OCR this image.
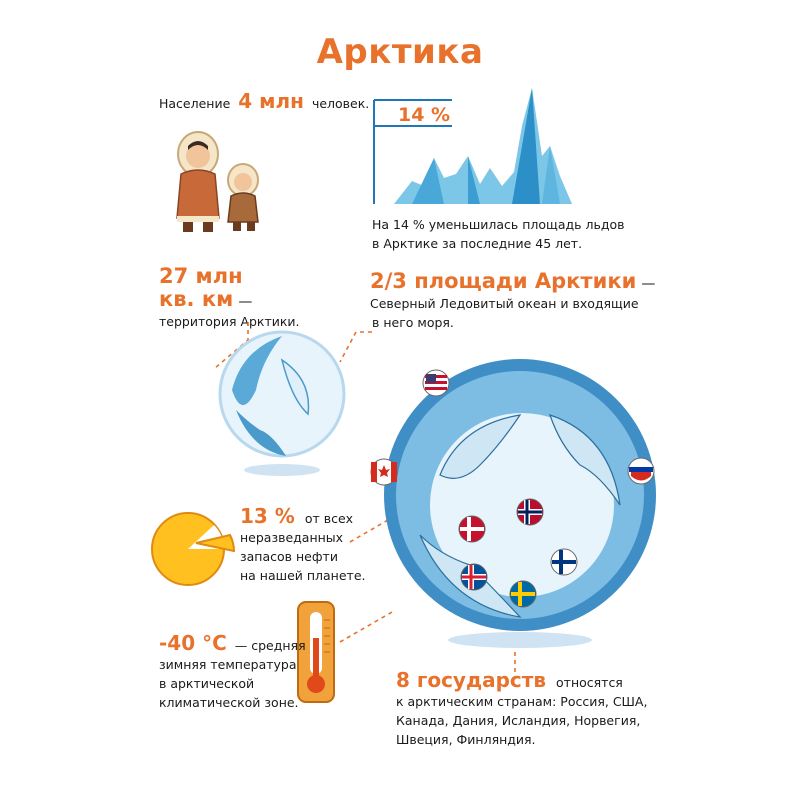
Арктика
Население 4 млн человек.
14 %
На 14 % уменьшилась площадь льдов
в Арктике за последние 45 лет.
27 млн
кв. км —
территория Арктики.
2/3 площади Арктики —
Северный Ледовитый океан и входящие
в него моря.
13 % от всех
неразведанных
запасов нефти
на нашей планете.
-40 °С — средняя
зимняя температура
в арктической
климатической зоне.
8 государств относятся
к арктическим странам: Россия, США,
Канада, Дания, Исландия, Норвегия,
Швеция, Финляндия.
